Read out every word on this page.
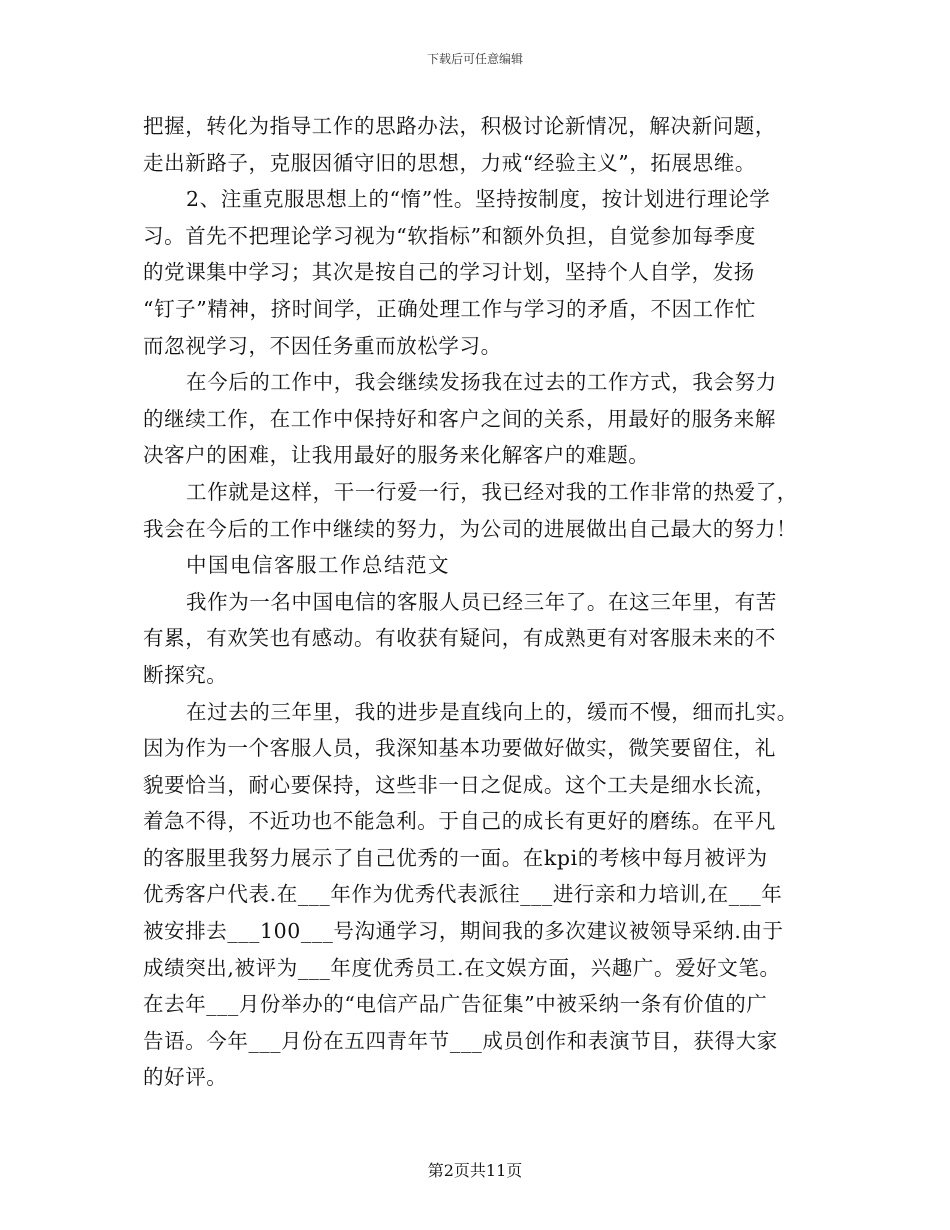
下载后可任意编辑
把握，转化为指导工作的思路办法，积极讨论新情况，解决新问题，
走出新路子，克服因循守旧的思想，力戒“经验主义”，拓展思维。
2、注重克服思想上的“惰”性。坚持按制度，按计划进行理论学
习。首先不把理论学习视为“软指标”和额外负担，自觉参加每季度
的党课集中学习；其次是按自己的学习计划，坚持个人自学，发扬
“钉子”精神，挤时间学，正确处理工作与学习的矛盾，不因工作忙
而忽视学习，不因任务重而放松学习。
在今后的工作中，我会继续发扬我在过去的工作方式，我会努力
的继续工作，在工作中保持好和客户之间的关系，用最好的服务来解
决客户的困难，让我用最好的服务来化解客户的难题。
工作就是这样，干一行爱一行，我已经对我的工作非常的热爱了，
我会在今后的工作中继续的努力，为公司的进展做出自己最大的努力！
中国电信客服工作总结范文
我作为一名中国电信的客服人员已经三年了。在这三年里，有苦
有累，有欢笑也有感动。有收获有疑问，有成熟更有对客服未来的不
断探究。
在过去的三年里，我的进步是直线向上的，缓而不慢，细而扎实。
因为作为一个客服人员，我深知基本功要做好做实，微笑要留住，礼
貌要恰当，耐心要保持，这些非一日之促成。这个工夫是细水长流，
着急不得，不近功也不能急利。于自己的成长有更好的磨练。在平凡
的客服里我努力展示了自己优秀的一面。在kpi的考核中每月被评为
优秀客户代表.在___年作为优秀代表派往___进行亲和力培训,在___年
被安排去___100___号沟通学习，期间我的多次建议被领导采纳.由于
成绩突出,被评为___年度优秀员工.在文娱方面，兴趣广。爱好文笔。
在去年___月份举办的“电信产品广告征集”中被采纳一条有价值的广
告语。今年___月份在五四青年节___成员创作和表演节目，获得大家
的好评。
第2页共11页
